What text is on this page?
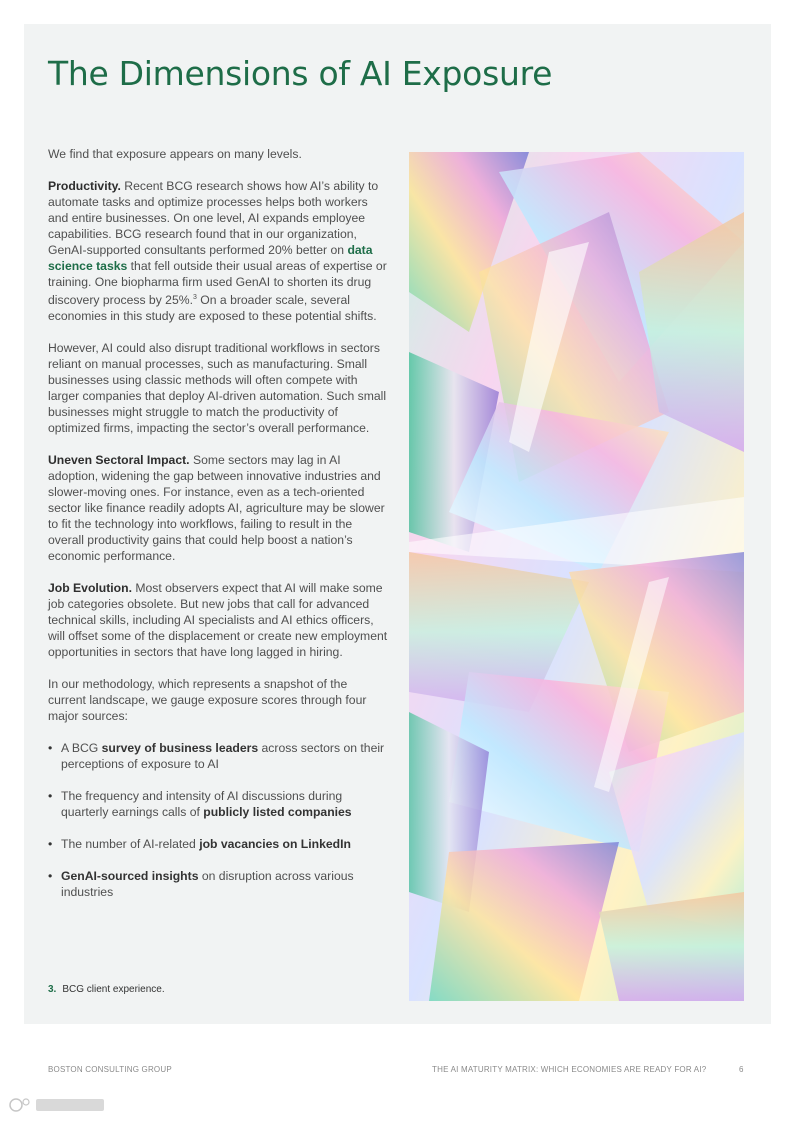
The Dimensions of AI Exposure

We find that exposure appears on many levels.

Productivity. Recent BCG research shows how AI’s ability to automate tasks and optimize processes helps both workers and entire businesses. On one level, AI expands employee capabilities. BCG research found that in our organization, GenAI-supported consultants performed 20% better on data science tasks that fell outside their usual areas of expertise or training. One biopharma firm used GenAI to shorten its drug discovery process by 25%.$^3$ On a broader scale, several economies in this study are exposed to these potential shifts.

However, AI could also disrupt traditional workflows in sectors reliant on manual processes, such as manufacturing. Small businesses using classic methods will often compete with larger companies that deploy AI-driven automation. Such small businesses might struggle to match the productivity of optimized firms, impacting the sector’s overall performance.

Uneven Sectoral Impact. Some sectors may lag in AI adoption, widening the gap between innovative industries and slower-moving ones. For instance, even as a tech-oriented sector like finance readily adopts AI, agriculture may be slower to fit the technology into workflows, failing to result in the overall productivity gains that could help boost a nation’s economic performance.

Job Evolution. Most observers expect that AI will make some job categories obsolete. But new jobs that call for advanced technical skills, including AI specialists and AI ethics officers, will offset some of the displacement or create new employment opportunities in sectors that have long lagged in hiring.

In our methodology, which represents a snapshot of the current landscape, we gauge exposure scores through four major sources:

• A BCG survey of business leaders across sectors on their perceptions of exposure to AI
• The frequency and intensity of AI discussions during quarterly earnings calls of publicly listed companies
• The number of AI-related job vacancies on LinkedIn
• GenAI-sourced insights on disruption across various industries
3. BCG client experience.
BOSTON CONSULTING GROUP	THE AI MATURITY MATRIX: WHICH ECONOMIES ARE READY FOR AI?	6
